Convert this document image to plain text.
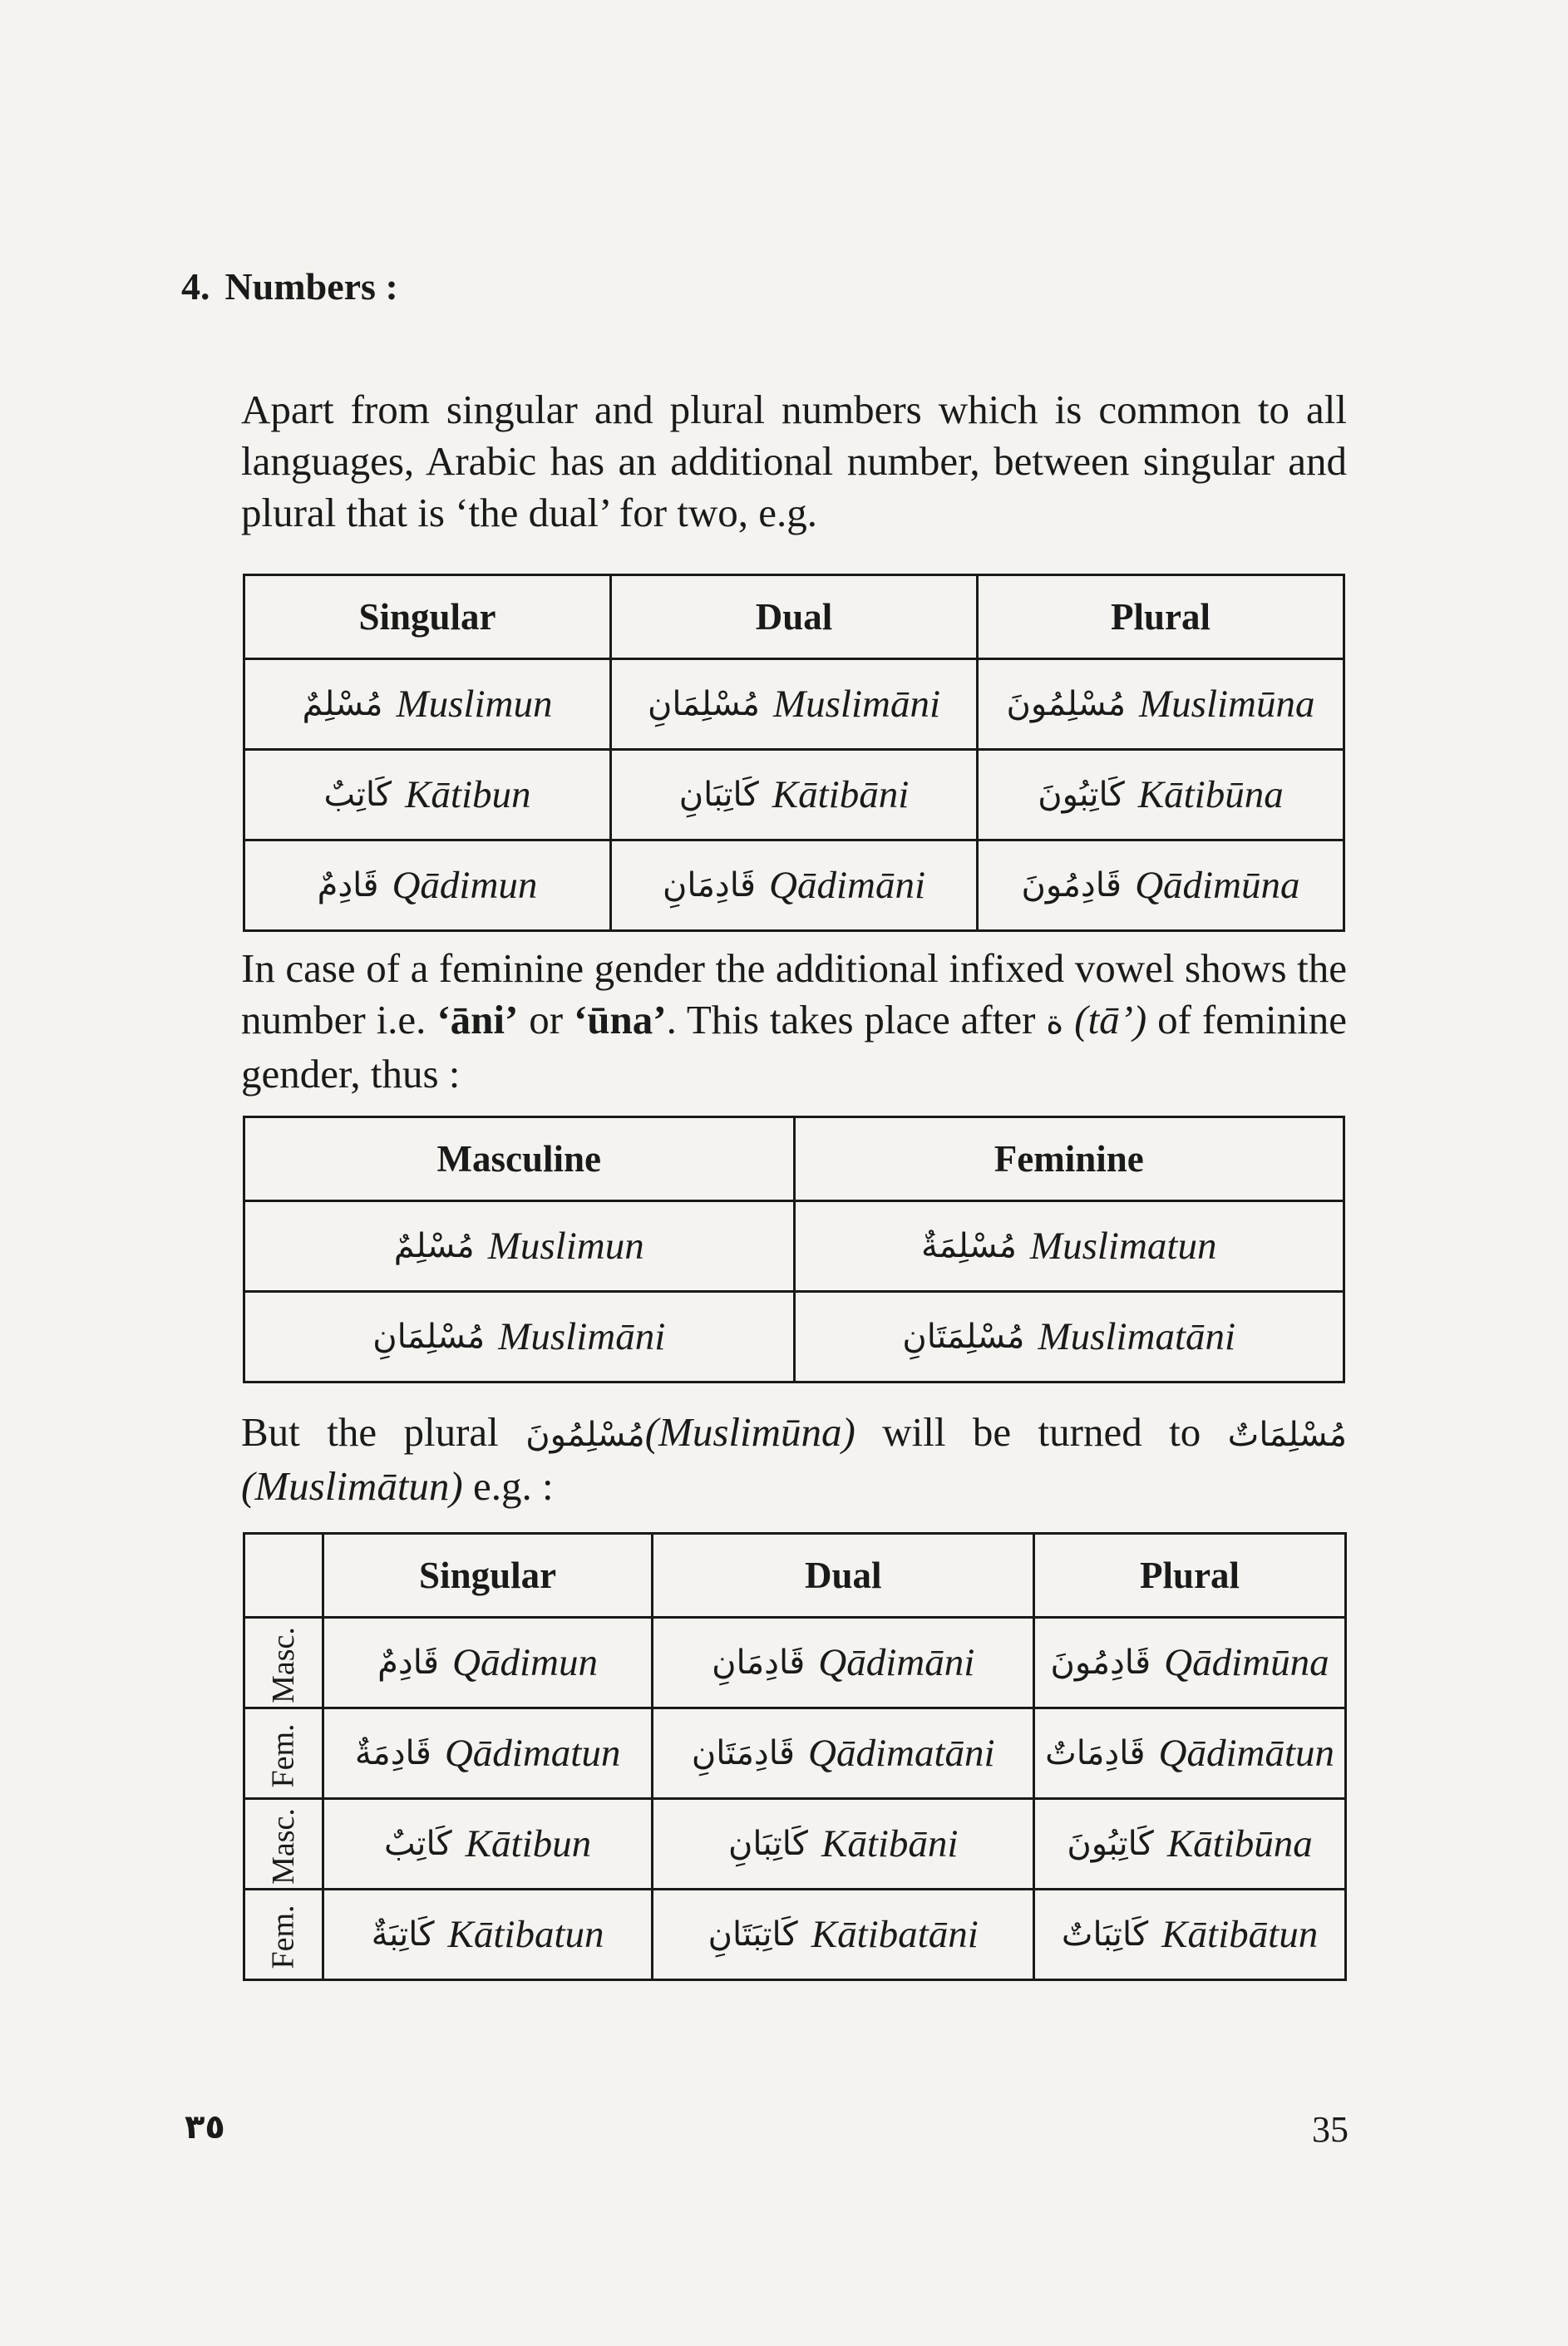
4. Numbers :
Apart from singular and plural numbers which is common to all languages, Arabic has an additional number, between singular and plural that is ‘the dual’ for two, e.g.
Singular	Dual	Plural

مُسْلِمٌ Muslimun	مُسْلِمَانِ Muslimāni	مُسْلِمُونَ Muslimūna

كَاتِبٌ Kātibun	كَاتِبَانِ Kātibāni	كَاتِبُونَ Kātibūna

قَادِمٌ Qādimun	قَادِمَانِ Qādimāni	قَادِمُونَ Qādimūna
In case of a feminine gender the additional infixed vowel shows the number i.e. ‘āni’ or ‘ūna’. This takes place after ة (tā’) of feminine gender, thus :
Masculine	Feminine

مُسْلِمٌ Muslimun	مُسْلِمَةٌ Muslimatun

مُسْلِمَانِ Muslimāni	مُسْلِمَتَانِ Muslimatāni
But the plural مُسْلِمُونَ(Muslimūna) will be turned to مُسْلِمَاتٌ (Muslimātun) e.g. :
	Singular	Dual	Plural
Masc.	قَادِمٌ Qādimun	قَادِمَانِ Qādimāni	قَادِمُونَ Qādimūna

Fem.	قَادِمَةٌ Qādimatun	قَادِمَتَانِ Qādimatāni	قَادِمَاتٌ Qādimātun

Masc.	كَاتِبٌ Kātibun	كَاتِبَانِ Kātibāni	كَاتِبُونَ Kātibūna

Fem.	كَاتِبَةٌ Kātibatun	كَاتِبَتَانِ Kātibatāni	كَاتِبَاتٌ Kātibātun
٣٥	35
